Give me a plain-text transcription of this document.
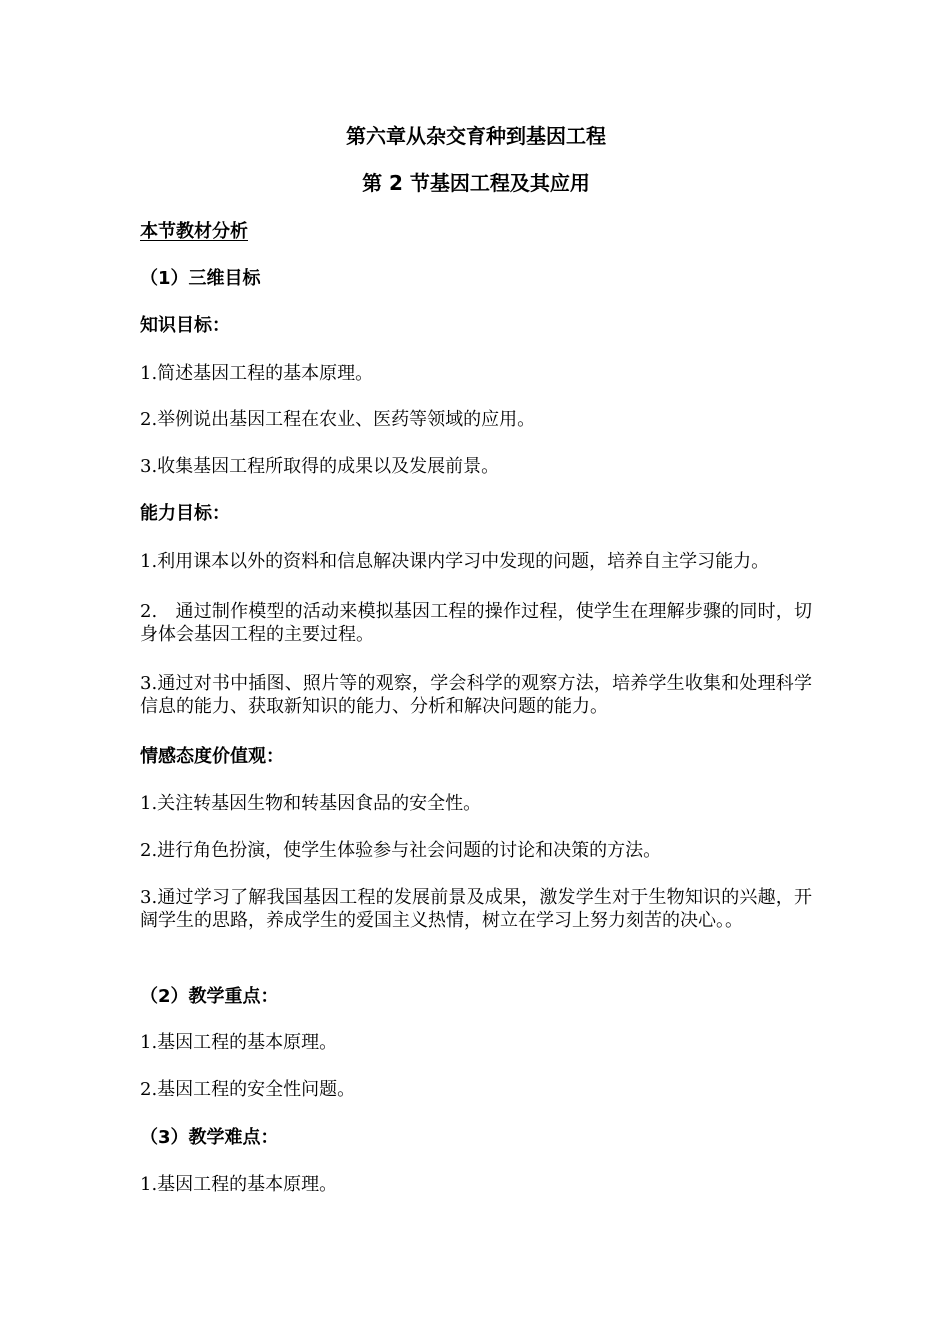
第六章从杂交育种到基因工程
第 2 节基因工程及其应用
本节教材分析
（1）三维目标
知识目标：
1.简述基因工程的基本原理。
2.举例说出基因工程在农业、医药等领域的应用。
3.收集基因工程所取得的成果以及发展前景。
能力目标：
1.利用课本以外的资料和信息解决课内学习中发现的问题，培养自主学习能力。
2.　通过制作模型的活动来模拟基因工程的操作过程，使学生在理解步骤的同时，切身体会基因工程的主要过程。
3.通过对书中插图、照片等的观察，学会科学的观察方法，培养学生收集和处理科学信息的能力、获取新知识的能力、分析和解决问题的能力。
情感态度价值观：
1.关注转基因生物和转基因食品的安全性。
2.进行角色扮演，使学生体验参与社会问题的讨论和决策的方法。
3.通过学习了解我国基因工程的发展前景及成果，激发学生对于生物知识的兴趣，开阔学生的思路，养成学生的爱国主义热情，树立在学习上努力刻苦的决心。。
（2）教学重点：
1.基因工程的基本原理。
2.基因工程的安全性问题。
（3）教学难点：
1.基因工程的基本原理。
